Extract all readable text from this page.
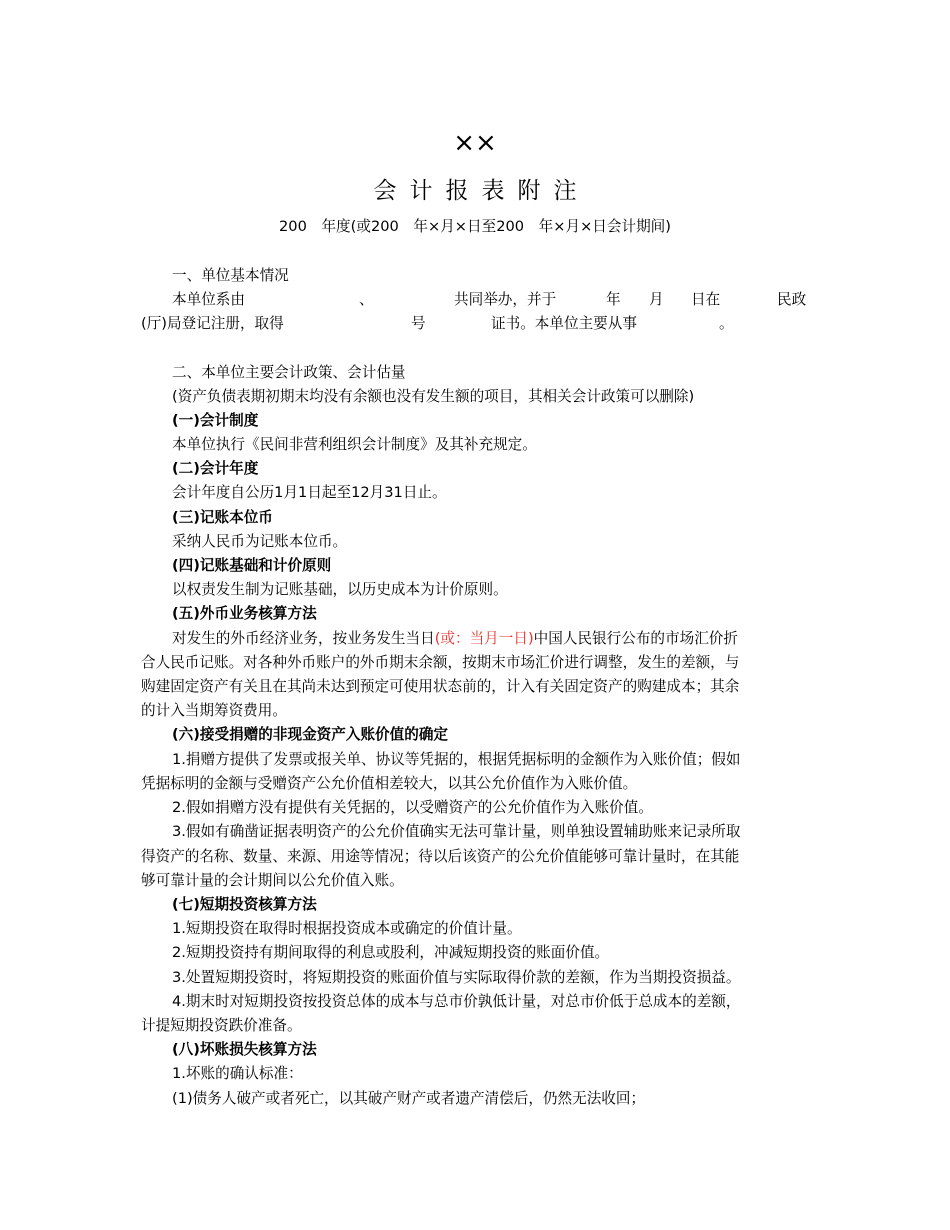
××
会计报表附注
200　年度(或200　年×月×日至200　年×月×日会计期间)
一、单位基本情况
本单位系由	、	共同举办，并于	年 月 日在	民政
(厅)局登记注册，取得	号	证书。本单位主要从事	。
二、本单位主要会计政策、会计估量
(资产负债表期初期末均没有余额也没有发生额的项目，其相关会计政策可以删除)
(一)会计制度
本单位执行《民间非营利组织会计制度》及其补充规定。
(二)会计年度
会计年度自公历1月1日起至12月31日止。
(三)记账本位币
采纳人民币为记账本位币。
(四)记账基础和计价原则
以权责发生制为记账基础，以历史成本为计价原则。
(五)外币业务核算方法
对发生的外币经济业务，按业务发生当日(或：当月一日)中国人民银行公布的市场汇价折
合人民币记账。对各种外币账户的外币期末余额，按期末市场汇价进行调整，发生的差额，与
购建固定资产有关且在其尚未达到预定可使用状态前的，计入有关固定资产的购建成本；其余
的计入当期筹资费用。
(六)接受捐赠的非现金资产入账价值的确定
1.捐赠方提供了发票或报关单、协议等凭据的，根据凭据标明的金额作为入账价值；假如
凭据标明的金额与受赠资产公允价值相差较大，以其公允价值作为入账价值。
2.假如捐赠方没有提供有关凭据的，以受赠资产的公允价值作为入账价值。
3.假如有确凿证据表明资产的公允价值确实无法可靠计量，则单独设置辅助账来记录所取
得资产的名称、数量、来源、用途等情况；待以后该资产的公允价值能够可靠计量时，在其能
够可靠计量的会计期间以公允价值入账。
(七)短期投资核算方法
1.短期投资在取得时根据投资成本或确定的价值计量。
2.短期投资持有期间取得的利息或股利，冲减短期投资的账面价值。
3.处置短期投资时，将短期投资的账面价值与实际取得价款的差额，作为当期投资损益。
4.期末时对短期投资按投资总体的成本与总市价孰低计量，对总市价低于总成本的差额，
计提短期投资跌价准备。
(八)坏账损失核算方法
1.坏账的确认标准：
(1)债务人破产或者死亡，以其破产财产或者遗产清偿后，仍然无法收回；
